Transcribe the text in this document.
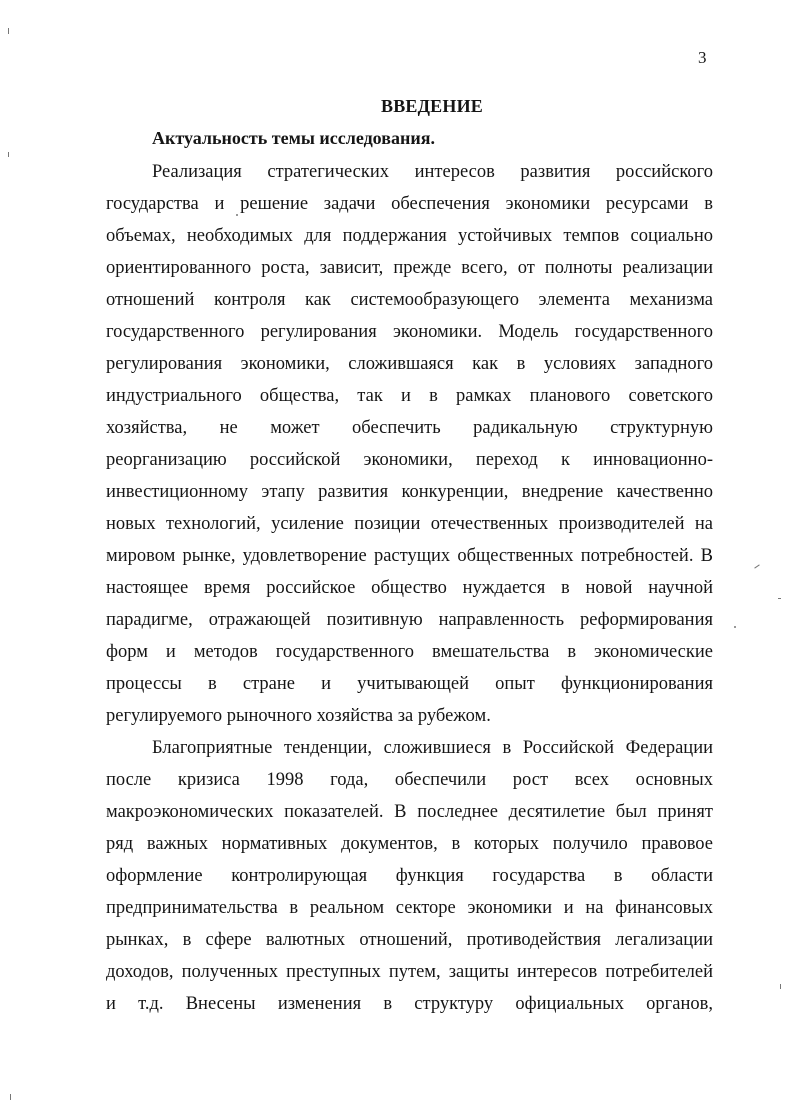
3
ВВЕДЕНИЕ
Актуальность темы исследования.
Реализация стратегических интересов развития российского
государства и решение задачи обеспечения экономики ресурсами в
объемах, необходимых для поддержания устойчивых темпов социально
ориентированного роста, зависит, прежде всего, от полноты реализации
отношений контроля как системообразующего элемента механизма
государственного регулирования экономики. Модель государственного
регулирования экономики, сложившаяся как в условиях западного
индустриального общества, так и в рамках планового советского
хозяйства, не может обеспечить радикальную структурную
реорганизацию российской экономики, переход к инновационно-
инвестиционному этапу развития конкуренции, внедрение качественно
новых технологий, усиление позиции отечественных производителей на
мировом рынке, удовлетворение растущих общественных потребностей. В
настоящее время российское общество нуждается в новой научной
парадигме, отражающей позитивную направленность реформирования
форм и методов государственного вмешательства в экономические
процессы в стране и учитывающей опыт функционирования
регулируемого рыночного хозяйства за рубежом.
Благоприятные тенденции, сложившиеся в Российской Федерации
после кризиса 1998 года, обеспечили рост всех основных
макроэкономических показателей. В последнее десятилетие был принят
ряд важных нормативных документов, в которых получило правовое
оформление контролирующая функция государства в области
предпринимательства в реальном секторе экономики и на финансовых
рынках, в сфере валютных отношений, противодействия легализации
доходов, полученных преступных путем, защиты интересов потребителей
и т.д. Внесены изменения в структуру официальных органов,
